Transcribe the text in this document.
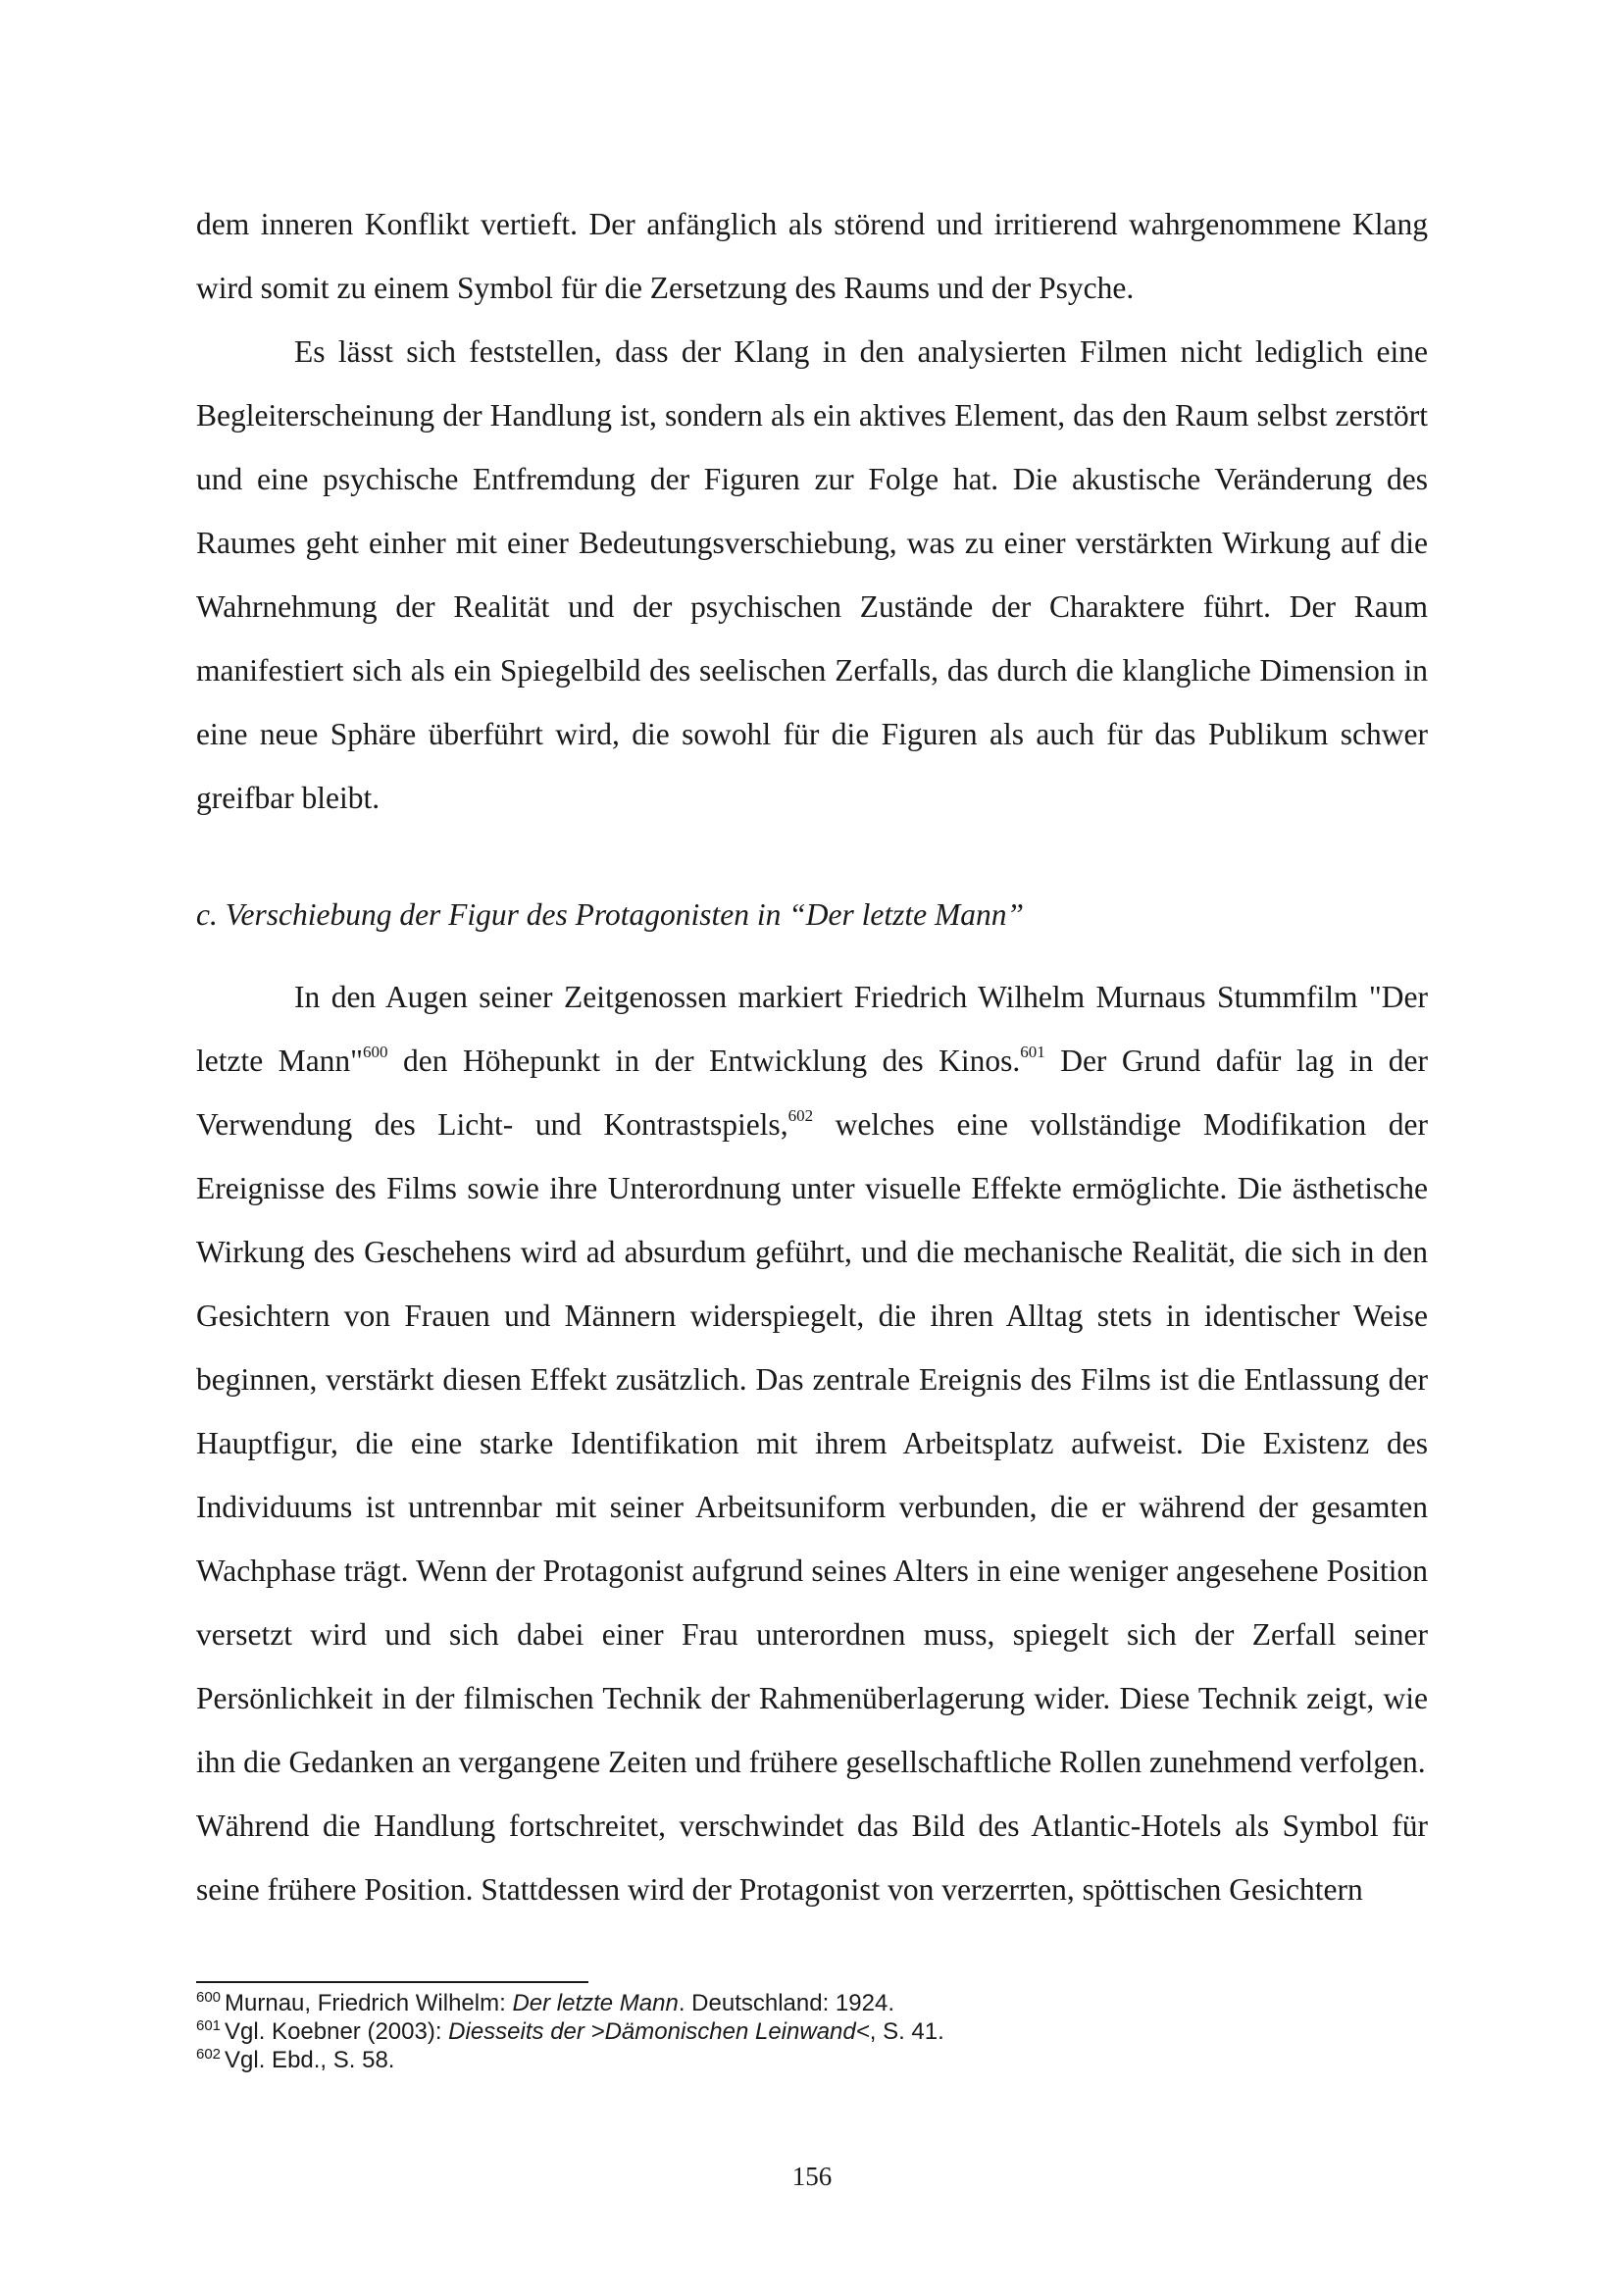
dem inneren Konflikt vertieft. Der anfänglich als störend und irritierend wahrgenommene Klang wird somit zu einem Symbol für die Zersetzung des Raums und der Psyche.

Es lässt sich feststellen, dass der Klang in den analysierten Filmen nicht lediglich eine Begleiterscheinung der Handlung ist, sondern als ein aktives Element, das den Raum selbst zerstört und eine psychische Entfremdung der Figuren zur Folge hat. Die akustische Veränderung des Raumes geht einher mit einer Bedeutungsverschiebung, was zu einer verstärkten Wirkung auf die Wahrnehmung der Realität und der psychischen Zustände der Charaktere führt. Der Raum manifestiert sich als ein Spiegelbild des seelischen Zerfalls, das durch die klangliche Dimension in eine neue Sphäre überführt wird, die sowohl für die Figuren als auch für das Publikum schwer greifbar bleibt.

c. Verschiebung der Figur des Protagonisten in “Der letzte Mann”

In den Augen seiner Zeitgenossen markiert Friedrich Wilhelm Murnaus Stummfilm "Der letzte Mann"$^{600}$ den Höhepunkt in der Entwicklung des Kinos.$^{601}$ Der Grund dafür lag in der Verwendung des Licht- und Kontrastspiels,$^{602}$ welches eine vollständige Modifikation der Ereignisse des Films sowie ihre Unterordnung unter visuelle Effekte ermöglichte. Die ästhetische Wirkung des Geschehens wird ad absurdum geführt, und die mechanische Realität, die sich in den Gesichtern von Frauen und Männern widerspiegelt, die ihren Alltag stets in identischer Weise beginnen, verstärkt diesen Effekt zusätzlich. Das zentrale Ereignis des Films ist die Entlassung der Hauptfigur, die eine starke Identifikation mit ihrem Arbeitsplatz aufweist. Die Existenz des Individuums ist untrennbar mit seiner Arbeitsuniform verbunden, die er während der gesamten Wachphase trägt. Wenn der Protagonist aufgrund seines Alters in eine weniger angesehene Position versetzt wird und sich dabei einer Frau unterordnen muss, spiegelt sich der Zerfall seiner Persönlichkeit in der filmischen Technik der Rahmenüberlagerung wider. Diese Technik zeigt, wie ihn die Gedanken an vergangene Zeiten und frühere gesellschaftliche Rollen zunehmend verfolgen.

Während die Handlung fortschreitet, verschwindet das Bild des Atlantic-Hotels als Symbol für seine frühere Position. Stattdessen wird der Protagonist von verzerrten, spöttischen Gesichtern

$^{600}$ Murnau, Friedrich Wilhelm: Der letzte Mann. Deutschland: 1924.
$^{601}$ Vgl. Koebner (2003): Diesseits der >Dämonischen Leinwand<, S. 41.
$^{602}$ Vgl. Ebd., S. 58.
156
